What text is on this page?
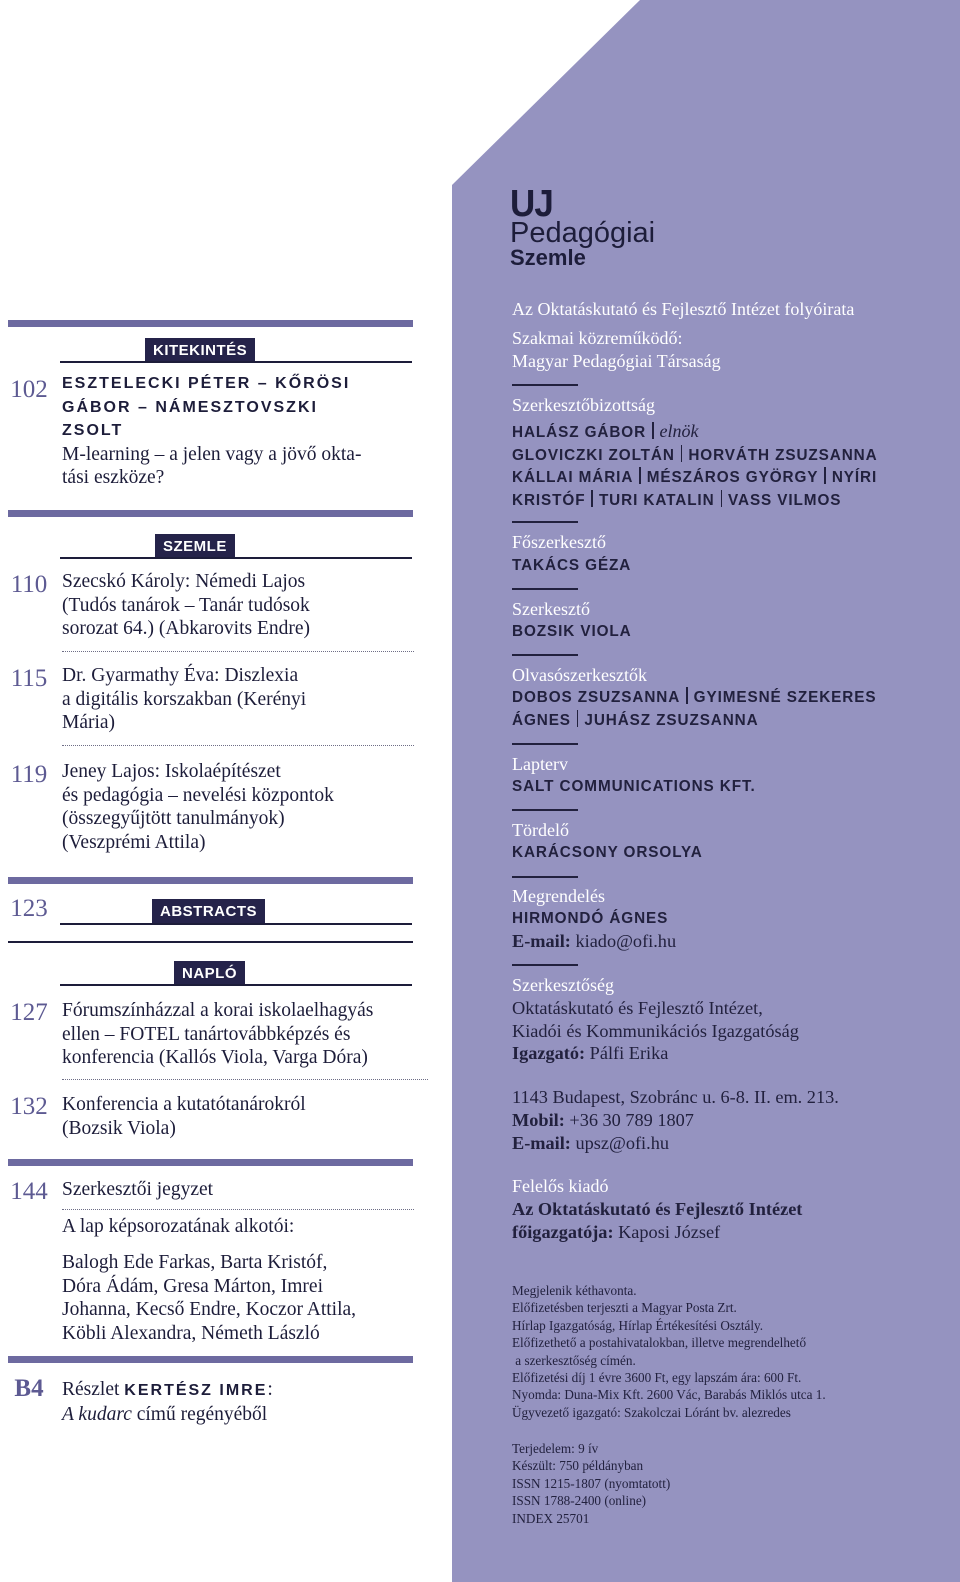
KITEKINTÉS
102 ESZTELECKI PÉTER – KŐRÖSI
GÁBOR – NÁMESZTOVSZKI
ZSOLT
M-learning – a jelen vagy a jövő okta-
tási eszköze?
SZEMLE
110 Szecskó Károly: Némedi Lajos
(Tudós tanárok – Tanár tudósok
sorozat 64.) (Abkarovits Endre)
115 Dr. Gyarmathy Éva: Diszlexia
a digitális korszakban (Kerényi
Mária)
119 Jeney Lajos: Iskolaépítészet
és pedagógia – nevelési központok
(összegyűjtött tanulmányok)
(Veszprémi Attila)
123	ABSTRACTS
NAPLÓ
127 Fórumszínházzal a korai iskolaelhagyás
ellen – FOTEL tanártovábbképzés és
konferencia (Kallós Viola, Varga Dóra)
132 Konferencia a kutatótanárokról
(Bozsik Viola)
144 Szerkesztői jegyzet
A lap képsorozatának alkotói:
Balogh Ede Farkas, Barta Kristóf,
Dóra Ádám, Gresa Márton, Imrei
Johanna, Kecső Endre, Koczor Attila,
Köbli Alexandra, Németh László
B4 Részlet KERTÉSZ IMRE:
A kudarc című regényéből
UJ
Pedagógiai
Szemle
Az Oktatáskutató és Fejlesztő Intézet folyóirata
Szakmai közreműködő:
Magyar Pedagógiai Társaság
Szerkesztőbizottság
HALÁSZ GÁBOR elnök
GLOVICZKI ZOLTÁN HORVÁTH ZSUZSANNA
KÁLLAI MÁRIA MÉSZÁROS GYÖRGY NYÍRI
KRISTÓF TURI KATALIN VASS VILMOS
Főszerkesztő
TAKÁCS GÉZA
Szerkesztő
BOZSIK VIOLA
Olvasószerkesztők
DOBOS ZSUZSANNA GYIMESNÉ SZEKERES
ÁGNES JUHÁSZ ZSUZSANNA
Lapterv
SALT COMMUNICATIONS KFT.
Tördelő
KARÁCSONY ORSOLYA
Megrendelés
HIRMONDÓ ÁGNES
E-mail: kiado@ofi.hu
Szerkesztőség
Oktatáskutató és Fejlesztő Intézet,
Kiadói és Kommunikációs Igazgatóság
Igazgató: Pálfi Erika
1143 Budapest, Szobránc u. 6-8. II. em. 213.
Mobil: +36 30 789 1807
E-mail: upsz@ofi.hu
Felelős kiadó
Az Oktatáskutató és Fejlesztő Intézet
főigazgatója: Kaposi József
Megjelenik kéthavonta.
Előfizetésben terjeszti a Magyar Posta Zrt.
Hírlap Igazgatóság, Hírlap Értékesítési Osztály.
Előfizethető a postahivatalokban, illetve megrendelhető
a szerkesztőség címén.
Előfizetési díj 1 évre 3600 Ft, egy lapszám ára: 600 Ft.
Nyomda: Duna-Mix Kft. 2600 Vác, Barabás Miklós utca 1.
Ügyvezető igazgató: Szakolczai Lóránt bv. alezredes
Terjedelem: 9 ív
Készült: 750 példányban
ISSN 1215-1807 (nyomtatott)
ISSN 1788-2400 (online)
INDEX 25701
